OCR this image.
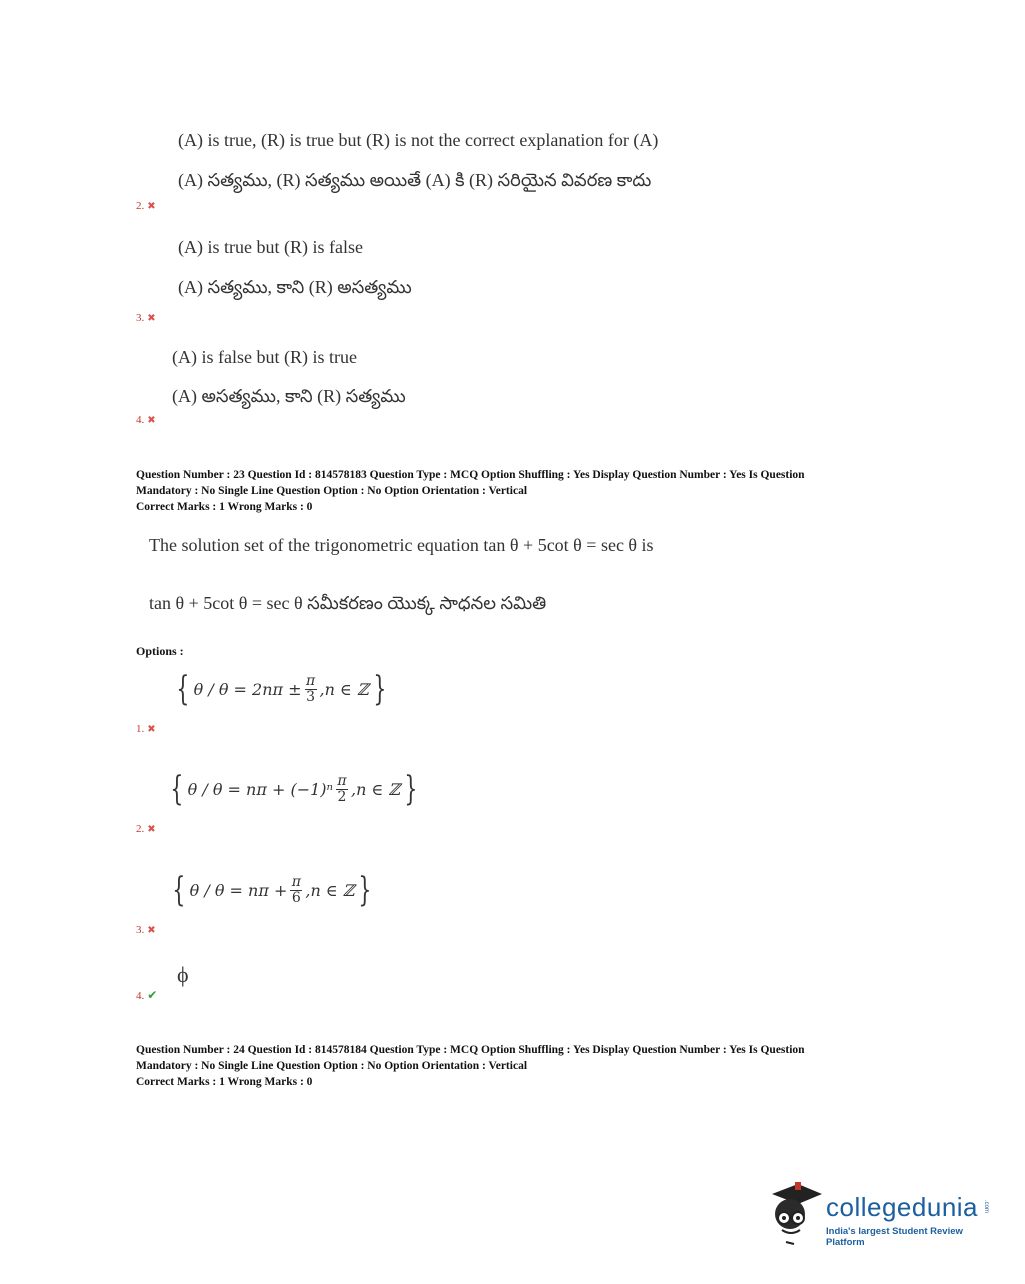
(A) is true, (R) is true but (R) is not the correct explanation for (A)
(A) సత్యము, (R) సత్యము అయితే (A) కి (R) సరియైన వివరణ కాదు
2. ✖
(A) is true but (R) is false
(A) సత్యము, కాని (R) అసత్యము
3. ✖
(A) is false but (R) is true
(A) అసత్యము, కాని (R) సత్యము
4. ✖
Question Number : 23 Question Id : 814578183 Question Type : MCQ Option Shuffling : Yes Display Question Number : Yes Is Question
Mandatory : No Single Line Question Option : No Option Orientation : Vertical
Correct Marks : 1 Wrong Marks : 0
The solution set of the trigonometric equation tan θ + 5cot θ = sec θ is
tan θ + 5cot θ = sec θ సమీకరణం యొక్క సాధనల సమితి
Options :
{ $\theta / \theta = 2n\pi \pm \frac{\pi}{3} ,n$ ∈ ℤ }
1. ✖
{ $\theta / \theta = n\pi + (-1)^n \frac{\pi}{2} ,n$ ∈ ℤ }
2. ✖
{ $\theta / \theta = n\pi + \frac{\pi}{6} ,n$ ∈ ℤ }
3. ✖
ϕ
4. ✔
Question Number : 24 Question Id : 814578184 Question Type : MCQ Option Shuffling : Yes Display Question Number : Yes Is Question
Mandatory : No Single Line Question Option : No Option Orientation : Vertical
Correct Marks : 1 Wrong Marks : 0
collegedunia .com
India's largest Student Review Platform
